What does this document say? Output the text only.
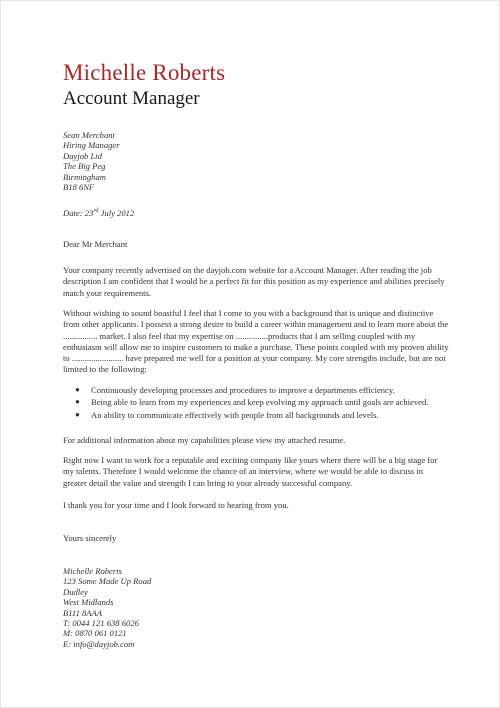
Michelle Roberts
Account Manager
Sean Merchant
Hiring Manager
Dayjob Ltd
The Big Peg
Birmingham
B18 6NF
Date: 23rd July 2012
Dear Mr Merchant
Your company recently advertised on the dayjob.com website for a Account Manager. After reading the job description I am confident that I would be a perfect fit for this position as my experience and abilities precisely match your requirements.
Without wishing to sound boastful I feel that I come to you with a background that is unique and distinctive from other applicants. I possess a strong desire to build a career within management and to learn more about the ................ market. I also feel that my expertise on ...............products that I am selling coupled with my enthusiasm will allow me to inspire customers to make a purchase. These points coupled with my proven ability to ........................ have prepared me well for a position at your company. My core strengths include, but are not limited to the following:
● Continuously developing processes and procedures to improve a departments efficiency.
● Being able to learn from my experiences and keep evolving my approach until goals are achieved.
● An ability to communicate effectively with people from all backgrounds and levels.
For additional information about my capabilities please view my attached resume.
Right now I want to work for a reputable and exciting company like yours where there will be a big stage for my talents. Therefore I would welcome the chance of an interview, where we would be able to discuss in greater detail the value and strength I can bring to your already successful company.
I thank you for your time and I look forward to hearing from you.
Yours sincerely
Michelle Roberts
123 Some Made Up Road
Dudley
West Midlands
B111 8AAA
T: 0044 121 638 6026
M: 0870 061 0121
E: info@dayjob.com
